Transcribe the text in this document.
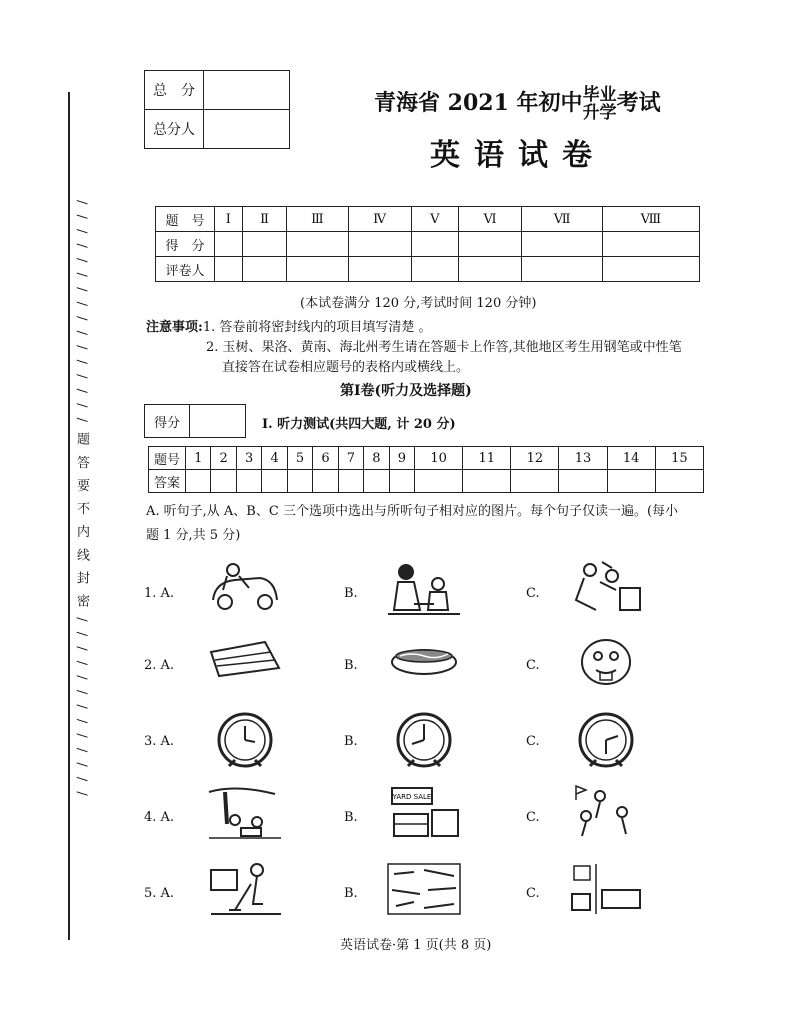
/ / / / / / / / / / / / / / / / 题 答 要 不 内 线 封 密 / / / / / / / / / / / / /
总　分	
总分人	
青海省 2021 年初中毕业
升学考试
英语试卷
题　号	Ⅰ	Ⅱ	Ⅲ	Ⅳ	Ⅴ	Ⅵ	Ⅶ	Ⅷ
得　分								
评卷人								
(本试卷满分 120 分,考试时间 120 分钟)
注意事项:1. 答卷前将密封线内的项目填写清楚 。
2. 玉树、果洛、黄南、海北州考生请在答题卡上作答,其他地区考生用钢笔或中性笔
直接答在试卷相应题号的表格内或横线上。
第Ⅰ卷(听力及选择题)
得分		Ⅰ. 听力测试(共四大题, 计 20 分)
题号	1	2	3	4	5	6	7	8	9	10	11	12	13	14	15
答案															
A. 听句子,从 A、B、C 三个选项中选出与所听句子相对应的图片。每个句子仅读一遍。(每小
题 1 分,共 5 分)
1. A.	B.	C.
2. A.	B.	C.
3. A.	B.	C.
4. A.	B.	C.
YARD SALE
5. A.	B.	C.
英语试卷·第 1 页(共 8 页)
